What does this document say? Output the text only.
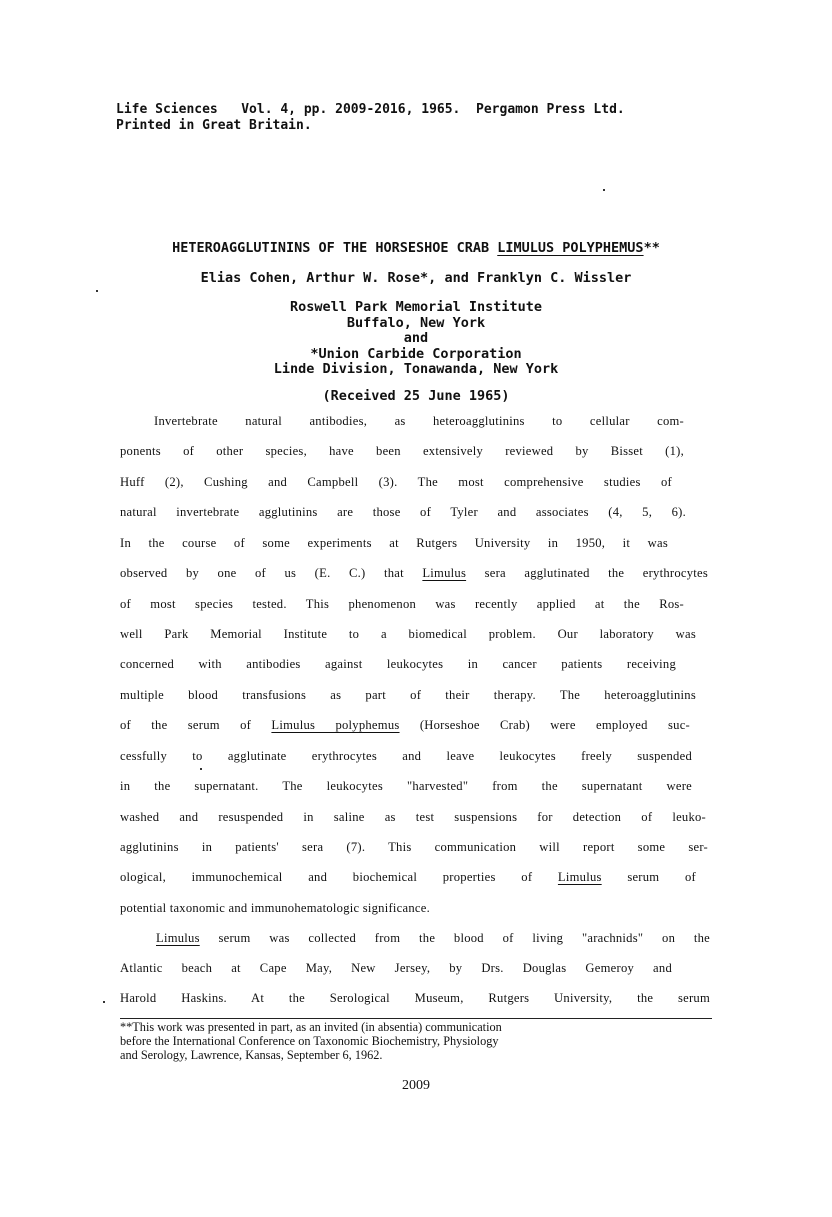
Life Sciences   Vol. 4, pp. 2009-2016, 1965.  Pergamon Press Ltd.
Printed in Great Britain.
HETEROAGGLUTININS OF THE HORSESHOE CRAB LIMULUS POLYPHEMUS**
Elias Cohen, Arthur W. Rose*, and Franklyn C. Wissler
Roswell Park Memorial Institute
Buffalo, New York
and
*Union Carbide Corporation
Linde Division, Tonawanda, New York
(Received 25 June 1965)
Invertebrate natural antibodies, as heteroagglutinins to cellular com-
ponents of other species, have been extensively reviewed by Bisset (1),
Huff (2), Cushing and Campbell (3). The most comprehensive studies of
natural invertebrate agglutinins are those of Tyler and associates (4, 5, 6).
In the course of some experiments at Rutgers University in 1950, it was
observed by one of us (E. C.) that Limulus sera agglutinated the erythrocytes
of most species tested. This phenomenon was recently applied at the Ros-
well Park Memorial Institute to a biomedical problem. Our laboratory was
concerned with antibodies against leukocytes in cancer patients receiving
multiple blood transfusions as part of their therapy. The heteroagglutinins
of the serum of Limulus polyphemus (Horseshoe Crab) were employed suc-
cessfully to agglutinate erythrocytes and leave leukocytes freely suspended
in the supernatant. The leukocytes "harvested" from the supernatant were
washed and resuspended in saline as test suspensions for detection of leuko-
agglutinins in patients' sera (7). This communication will report some ser-
ological, immunochemical and biochemical properties of Limulus serum of
potential taxonomic and immunohematologic significance.
Limulus serum was collected from the blood of living "arachnids" on the
Atlantic beach at Cape May, New Jersey, by Drs. Douglas Gemeroy and
Harold Haskins. At the Serological Museum, Rutgers University, the serum
**This work was presented in part, as an invited (in absentia) communication
before the International Conference on Taxonomic Biochemistry, Physiology
and Serology, Lawrence, Kansas, September 6, 1962.
2009
